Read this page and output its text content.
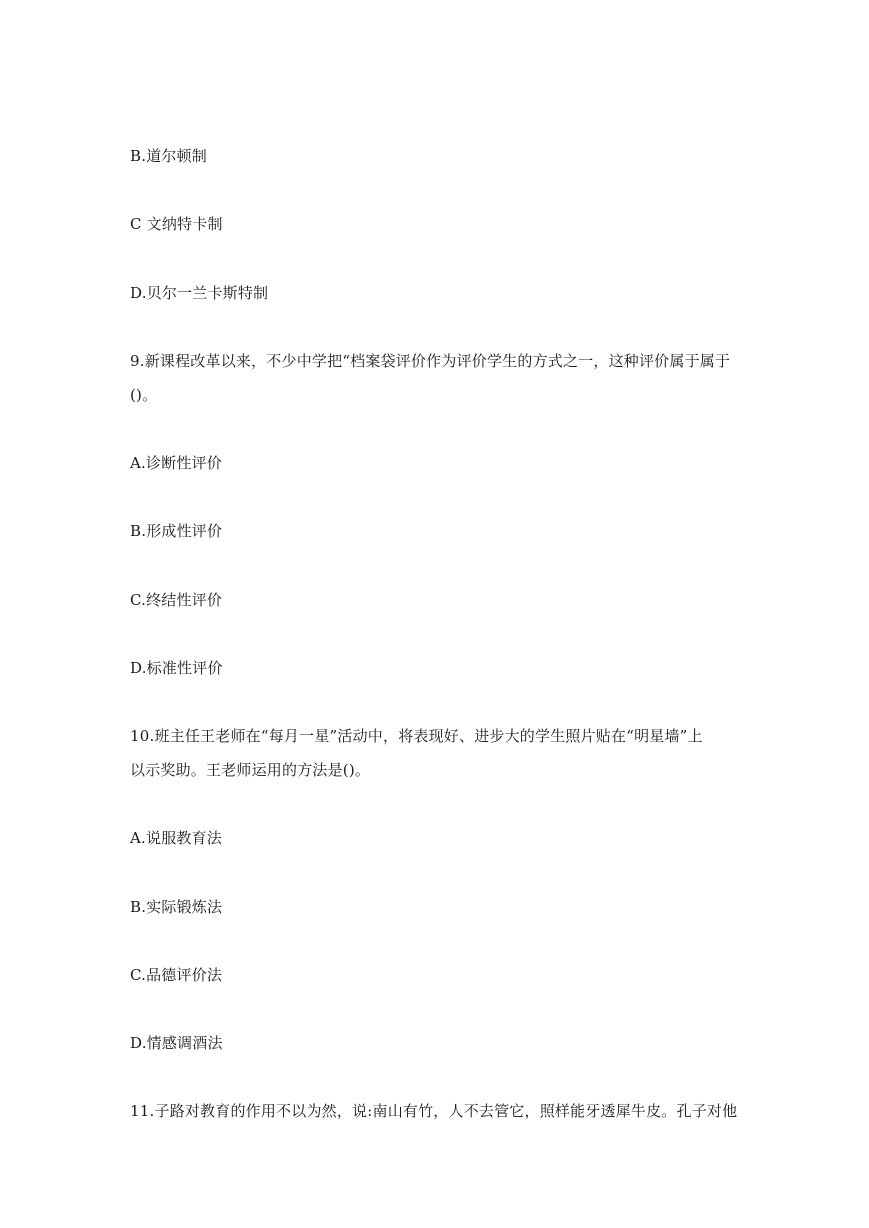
B.道尔顿制
C 文纳特卡制
D.贝尔一兰卡斯特制
9.新课程改革以来，不少中学把“档案袋评价作为评价学生的方式之一，这种评价属于属于
()。
A.诊断性评价
B.形成性评价
C.终结性评价
D.标准性评价
10.班主任王老师在“每月一星”活动中，将表现好、进步大的学生照片贴在“明星墙”上
以示奖助。王老师运用的方法是()。
A.说服教育法
B.实际锻炼法
C.品德评价法
D.情感调酒法
11.子路对教育的作用不以为然，说:南山有竹，人不去管它，照样能牙透犀牛皮。孔子对他
